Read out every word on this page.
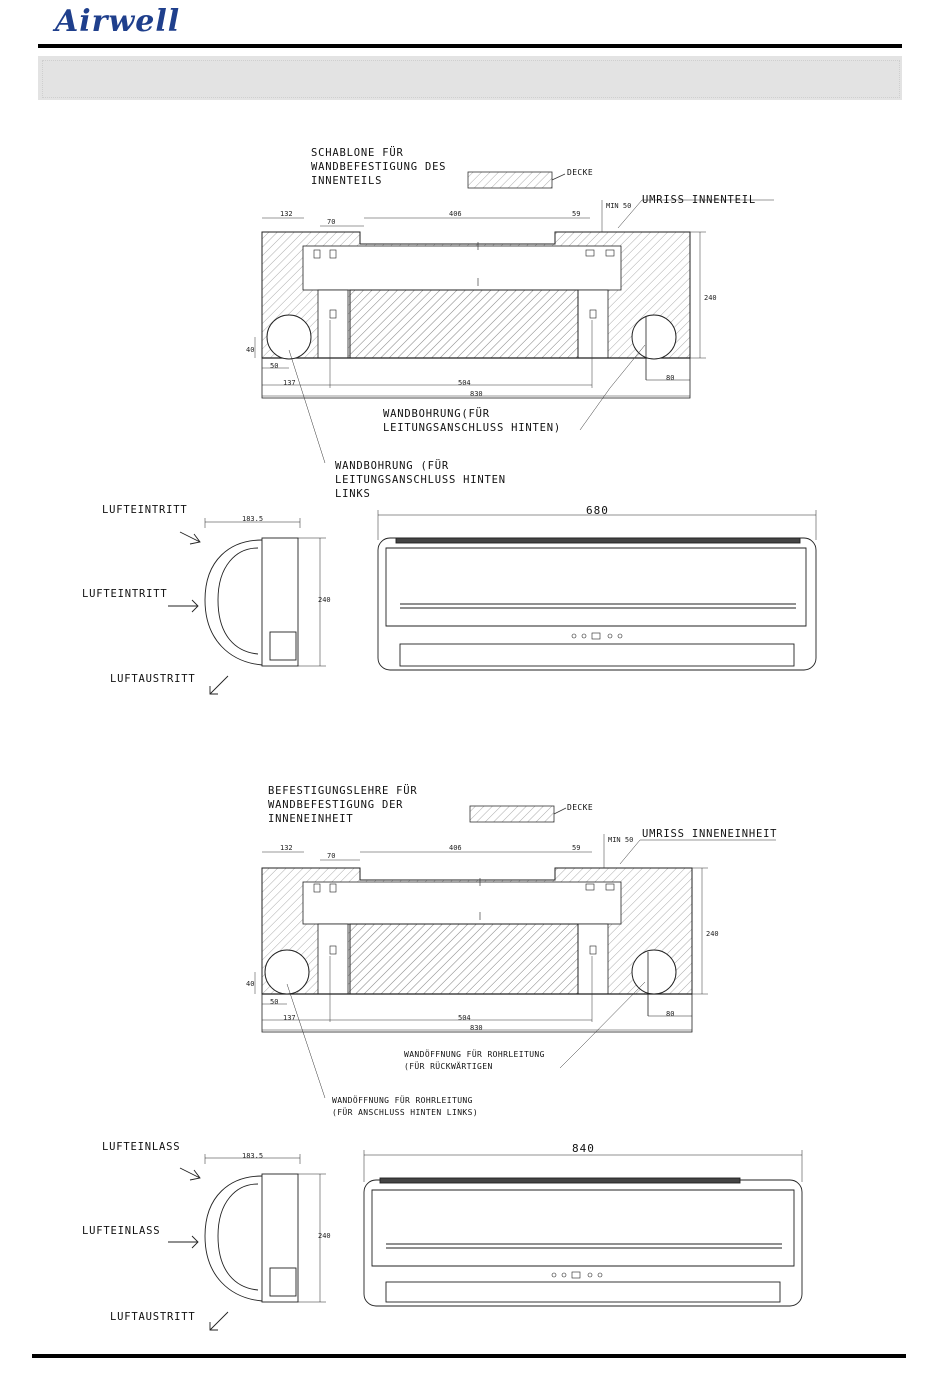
Airwell
SCHABLONE FÜR
WANDBEFESTIGUNG DES
INNENTEILS
DECKE
UMRISS INNENTEIL
132
70
406	59
MIN 50
240
40
50
137	504
830
80
WANDBOHRUNG(FÜR
LEITUNGSANSCHLUSS HINTEN)
WANDBOHRUNG (FÜR
LEITUNGSANSCHLUSS HINTEN
LINKS
LUFTEINTRITT
183.5
680
LUFTEINTRITT	240
LUFTAUSTRITT
BEFESTIGUNGSLEHRE FÜR
WANDBEFESTIGUNG DER
INNENEINHEIT
DECKE
UMRISS INNENEINHEIT
132
70
406	59
MIN 50
240
40
50
137	504
830
80
WANDÖFFNUNG FÜR ROHRLEITUNG
(FÜR RÜCKWÄRTIGEN
WANDÖFFNUNG FÜR ROHRLEITUNG
(FÜR ANSCHLUSS HINTEN LINKS)
LUFTEINLASS
183.5
840
LUFTEINLASS	240
LUFTAUSTRITT
